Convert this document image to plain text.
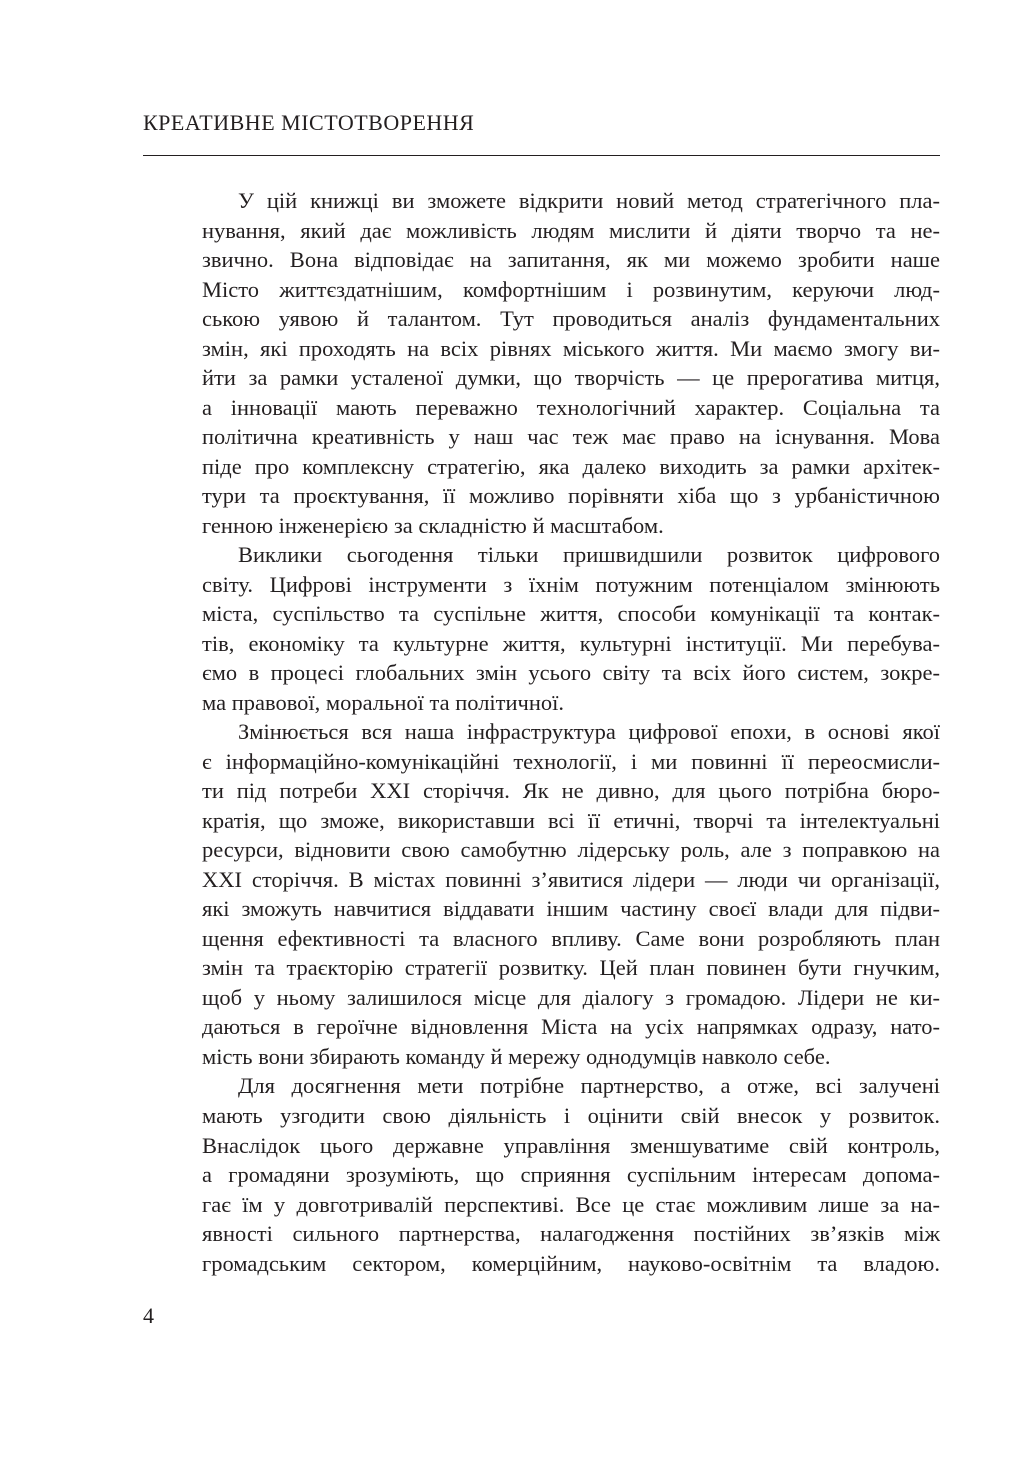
КРЕАТИВНЕ МІСТОТВОРЕННЯ
У цій книжці ви зможете відкрити новий метод стратегічного пла-
нування, який дає можливість людям мислити й діяти творчо та не-
звично. Вона відповідає на запитання, як ми можемо зробити наше
Місто життєздатнішим, комфортнішим і розвинутим, керуючи люд-
ською уявою й талантом. Тут проводиться аналіз фундаментальних
змін, які проходять на всіх рівнях міського життя. Ми маємо змогу ви-
йти за рамки усталеної думки, що творчість — це прерогатива митця,
а інновації мають переважно технологічний характер. Соціальна та
політична креативність у наш час теж має право на існування. Мова
піде про комплексну стратегію, яка далеко виходить за рамки архітек-
тури та проєктування, її можливо порівняти хіба що з урбаністичною
генною інженерією за складністю й масштабом.
Виклики сьогодення тільки пришвидшили розвиток цифрового
світу. Цифрові інструменти з їхнім потужним потенціалом змінюють
міста, суспільство та суспільне життя, способи комунікації та контак-
тів, економіку та культурне життя, культурні інституції. Ми перебува-
ємо в процесі глобальних змін усього світу та всіх його систем, зокре-
ма правової, моральної та політичної.
Змінюється вся наша інфраструктура цифрової епохи, в основі якої
є інформаційно-комунікаційні технології, і ми повинні її переосмисли-
ти під потреби XXI сторіччя. Як не дивно, для цього потрібна бюро-
кратія, що зможе, використавши всі її етичні, творчі та інтелектуальні
ресурси, відновити свою самобутню лідерську роль, але з поправкою на
XXI сторіччя. В містах повинні з’явитися лідери — люди чи організації,
які зможуть навчитися віддавати іншим частину своєї влади для підви-
щення ефективності та власного впливу. Саме вони розробляють план
змін та траєкторію стратегії розвитку. Цей план повинен бути гнучким,
щоб у ньому залишилося місце для діалогу з громадою. Лідери не ки-
даються в героїчне відновлення Міста на усіх напрямках одразу, нато-
мість вони збирають команду й мережу однодумців навколо себе.
Для досягнення мети потрібне партнерство, а отже, всі залучені
мають узгодити свою діяльність і оцінити свій внесок у розвиток.
Внаслідок цього державне управління зменшуватиме свій контроль,
а громадяни зрозуміють, що сприяння суспільним інтересам допома-
гає їм у довготривалій перспективі. Все це стає можливим лише за на-
явності сильного партнерства, налагодження постійних зв’язків між
громадським сектором, комерційним, науково-освітнім та владою.
4
